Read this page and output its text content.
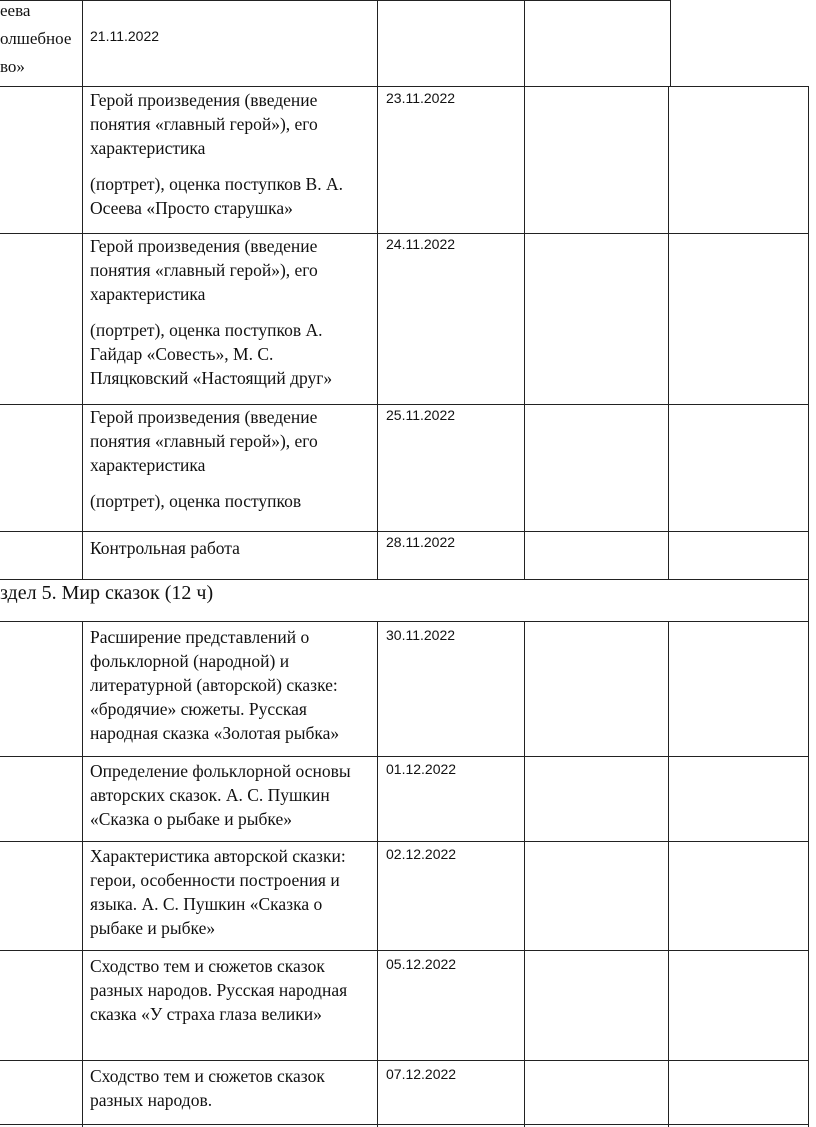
еева
олшебное
во»
21.11.2022

Герой произведения (введение понятия «главный герой»), его характеристика

(портрет), оценка поступков В. А. Осеева «Просто старушка»

23.11.2022

Герой произведения (введение понятия «главный герой»), его характеристика

(портрет), оценка поступков А. Гайдар «Совесть», М. С. Пляцковский «Настоящий друг»

24.11.2022

Герой произведения (введение понятия «главный герой»), его характеристика

(портрет), оценка поступков

25.11.2022

Контрольная работа	28.11.2022
здел 5. Мир сказок (12 ч)

Расширение представлений о фольклорной (народной) и литературной (авторской) сказке: «бродячие» сюжеты. Русская народная сказка «Золотая рыбка»

30.11.2022

Определение фольклорной основы авторских сказок. А. С. Пушкин «Сказка о рыбаке и рыбке»

01.12.2022

Характеристика авторской сказки: герои, особенности построения и языка. А. С. Пушкин «Сказка о рыбаке и рыбке»

02.12.2022

Сходство тем и сюжетов сказок разных народов. Русская народная сказка «У страха глаза велики»

05.12.2022

Сходство тем и сюжетов сказок разных народов.

07.12.2022
